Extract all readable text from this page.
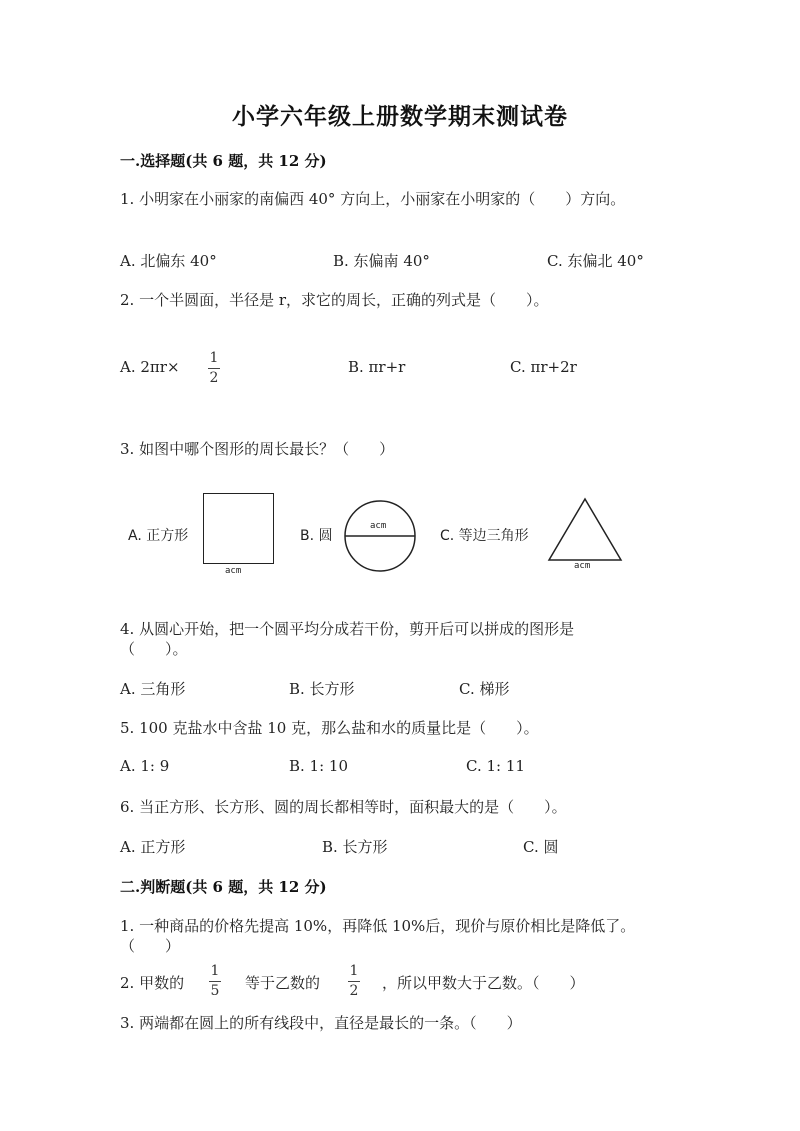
小学六年级上册数学期末测试卷
一.选择题(共 6 题，共 12 分)
1. 小明家在小丽家的南偏西 40° 方向上，小丽家在小明家的（　　）方向。
A. 北偏东 40°	B. 东偏南 40°	C. 东偏北 40°
2. 一个半圆面，半径是 r，求它的周长，正确的列式是（　　）。
A. 2πr× 1
2
B. πr+r	C. πr+2r
3. 如图中哪个图形的周长最长？（　　）
A. 正方形
acm
B. 圆
acm
C. 等边三角形
acm
4. 从圆心开始，把一个圆平均分成若干份，剪开后可以拼成的图形是
（　　）。
A. 三角形	B. 长方形	C. 梯形
5. 100 克盐水中含盐 10 克，那么盐和水的质量比是（　　）。
A. 1: 9	B. 1: 10	C. 1: 11
6. 当正方形、长方形、圆的周长都相等时，面积最大的是（　　）。
A. 正方形	B. 长方形	C. 圆
二.判断题(共 6 题，共 12 分)
1. 一种商品的价格先提高 10%，再降低 10%后，现价与原价相比是降低了。
（　　）
2. 甲数的
1
5 等于乙数的
1
2 ，所以甲数大于乙数。（　　）
3. 两端都在圆上的所有线段中，直径是最长的一条。（　　）
